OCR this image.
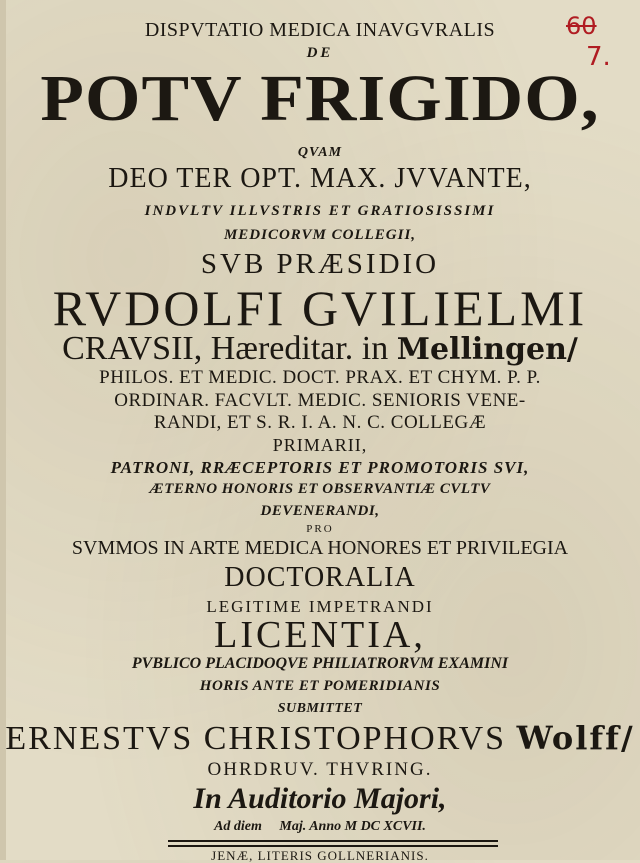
DISPVTATIO MEDICA INAVGVRALIS
DE
POTV FRIGIDO,
QVAM
DEO TER OPT. MAX. JVVANTE,
INDVLTV ILLVSTRIS ET GRATIOSISSIMI
MEDICORVM COLLEGII,
SVB PRÆSIDIO
RVDOLFI GVILIELMI
CRAVSII, Hæreditar. in Mellingen/
PHILOS. ET MEDIC. DOCT. PRAX. ET CHYM. P. P.
ORDINAR. FACVLT. MEDIC. SENIORIS VENE-
RANDI, ET S. R. I. A. N. C. COLLEGÆ
PRIMARII,
PATRONI, RRÆCEPTORIS ET PROMOTORIS SVI,
ÆTERNO HONORIS ET OBSERVANTIÆ CVLTV
DEVENERANDI,
PRO
SVMMOS IN ARTE MEDICA HONORES ET PRIVILEGIA
DOCTORALIA
LEGITIME IMPETRANDI
LICENTIA,
PVBLICO PLACIDOQVE PHILIATRORVM EXAMINI
HORIS ANTE ET POMERIDIANIS
SUBMITTET
ERNESTVS CHRISTOPHORVS Wolff/
OHRDRUV. THVRING.
In Auditorio Majori,
Ad diem     Maj. Anno M DC XCVII.
JENÆ, LITERIS GOLLNERIANIS.
60
7.
